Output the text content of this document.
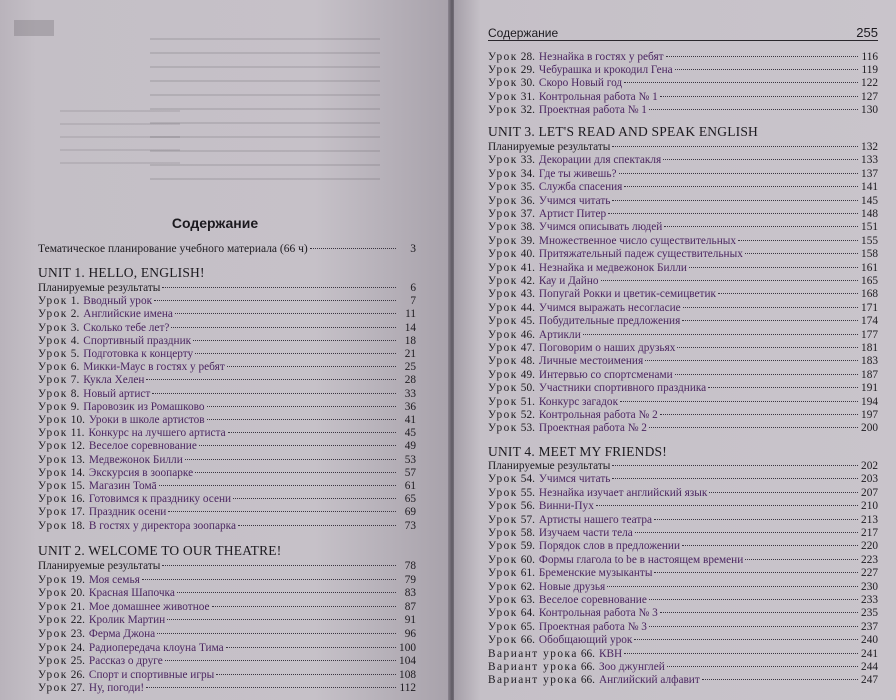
Содержание
Тематическое планирование учебного материала (66 ч)	3
UNIT 1. HELLO, ENGLISH!
Планируемые результаты	6
Урок 1. Вводный урок	7
Урок 2. Английские имена	11
Урок 3. Сколько тебе лет?	14
Урок 4. Спортивный праздник	18
Урок 5. Подготовка к концерту	21
Урок 6. Микки-Маус в гостях у ребят	25
Урок 7. Кукла Хелен	28
Урок 8. Новый артист	33
Урок 9. Паровозик из Ромашково	36
Урок 10. Уроки в школе артистов	41
Урок 11. Конкурс на лучшего артиста	45
Урок 12. Веселое соревнование	49
Урок 13. Медвежонок Билли	53
Урок 14. Экскурсия в зоопарке	57
Урок 15. Магазин Томā	61
Урок 16. Готовимся к празднику осени	65
Урок 17. Праздник осени	69
Урок 18. В гостях у директора зоопарка	73
UNIT 2. WELCOME TO OUR THEATRE!
Планируемые результаты	78
Урок 19. Моя семья	79
Урок 20. Красная Шапочка	83
Урок 21. Мое домашнее животное	87
Урок 22. Кролик Мартин	91
Урок 23. Ферма Джона	96
Урок 24. Радиопередача клоуна Тима	100
Урок 25. Рассказ о друге	104
Урок 26. Спорт и спортивные игры	108
Урок 27. Ну, погоди!	112
Содержание	255
Урок 28. Незнайка в гостях у ребят	116
Урок 29. Чебурашка и крокодил Гена	119
Урок 30. Скоро Новый год	122
Урок 31. Контрольная работа № 1	127
Урок 32. Проектная работа № 1	130
UNIT 3. LET'S READ AND SPEAK ENGLISH
Планируемые результаты	132
Урок 33. Декорации для спектакля	133
Урок 34. Где ты живешь?	137
Урок 35. Служба спасения	141
Урок 36. Учимся читать	145
Урок 37. Артист Питер	148
Урок 38. Учимся описывать людей	151
Урок 39. Множественное число существительных	155
Урок 40. Притяжательный падеж существительных	158
Урок 41. Незнайка и медвежонок Билли	161
Урок 42. Кау и Дайно	165
Урок 43. Попугай Рокки и цветик-семицветик	168
Урок 44. Учимся выражать несогласие	171
Урок 45. Побудительные предложения	174
Урок 46. Артикли	177
Урок 47. Поговорим о наших друзьях	181
Урок 48. Личные местоимения	183
Урок 49. Интервью со спортсменами	187
Урок 50. Участники спортивного праздника	191
Урок 51. Конкурс загадок	194
Урок 52. Контрольная работа № 2	197
Урок 53. Проектная работа № 2	200
UNIT 4. MEET MY FRIENDS!
Планируемые результаты	202
Урок 54. Учимся читать	203
Урок 55. Незнайка изучает английский язык	207
Урок 56. Винни-Пух	210
Урок 57. Артисты нашего театра	213
Урок 58. Изучаем части тела	217
Урок 59. Порядок слов в предложении	220
Урок 60. Формы глагола to be в настоящем времени	223
Урок 61. Бременские музыканты	227
Урок 62. Новые друзья	230
Урок 63. Веселое соревнование	233
Урок 64. Контрольная работа № 3	235
Урок 65. Проектная работа № 3	237
Урок 66. Обобщающий урок	240
Вариант урока 66. КВН	241
Вариант урока 66. Зоо джунглей	244
Вариант урока 66. Английский алфавит	247
